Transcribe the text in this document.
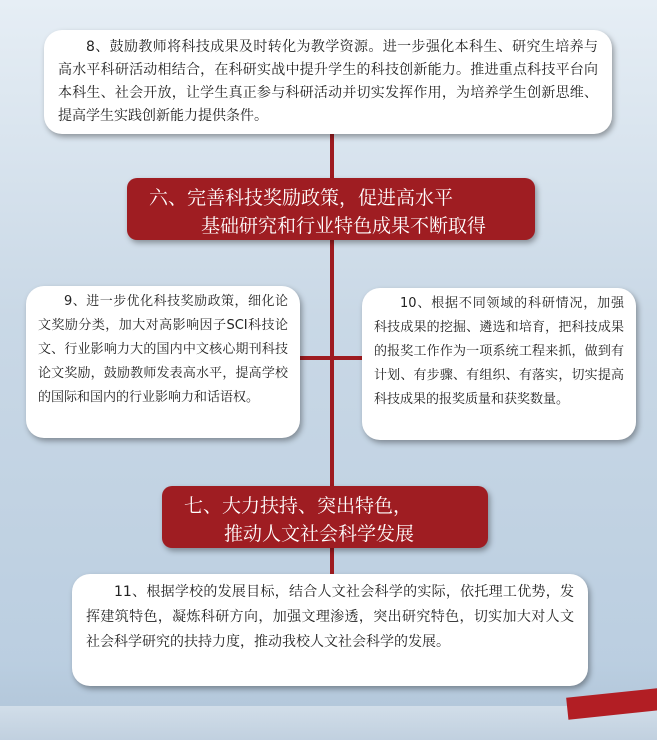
8、鼓励教师将科技成果及时转化为教学资源。进一步强化本科生、研究生培养与高水平科研活动相结合，在科研实战中提升学生的科技创新能力。推进重点科技平台向本科生、社会开放，让学生真正参与科研活动并切实发挥作用，为培养学生创新思维、提高学生实践创新能力提供条件。

六、完善科技奖励政策，促进高水平
基础研究和行业特色成果不断取得

9、进一步优化科技奖励政策，细化论文奖励分类，加大对高影响因子SCI科技论文、行业影响力大的国内中文核心期刊科技论文奖励，鼓励教师发表高水平，提高学校的国际和国内的行业影响力和话语权。

10、根据不同领域的科研情况，加强科技成果的挖掘、遴选和培育，把科技成果的报奖工作作为一项系统工程来抓，做到有计划、有步骤、有组织、有落实，切实提高科技成果的报奖质量和获奖数量。

七、大力扶持、突出特色，
推动人文社会科学发展

11、根据学校的发展目标，结合人文社会科学的实际，依托理工优势，发挥建筑特色，凝炼科研方向，加强文理渗透，突出研究特色，切实加大对人文社会科学研究的扶持力度，推动我校人文社会科学的发展。
